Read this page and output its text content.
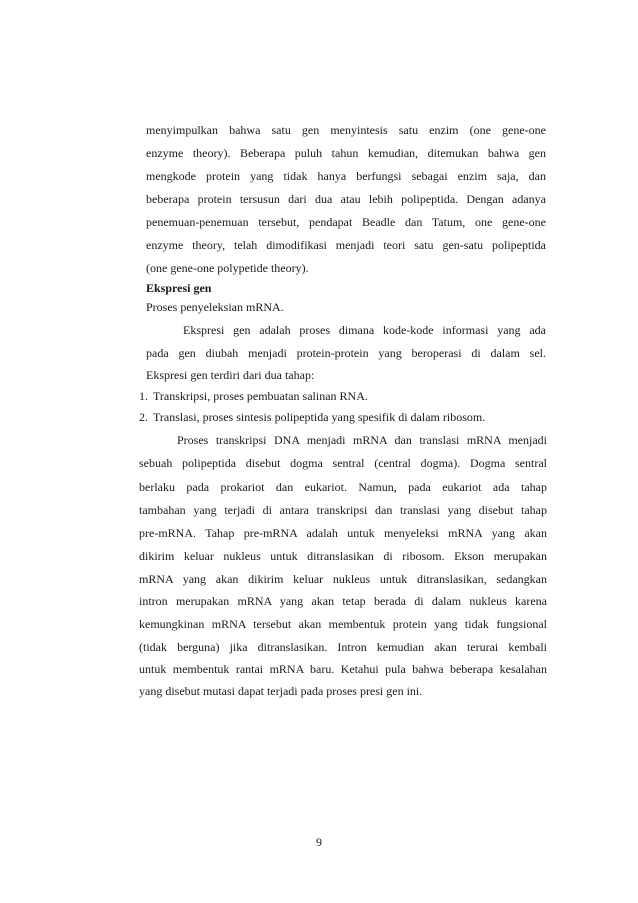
menyimpulkan bahwa satu gen menyintesis satu enzim (one gene-one
enzyme theory). Beberapa puluh tahun kemudian, ditemukan bahwa gen
mengkode protein yang tidak hanya berfungsi sebagai enzim saja, dan
beberapa protein tersusun dari dua atau lebih polipeptida. Dengan adanya
penemuan-penemuan tersebut, pendapat Beadle dan Tatum, one gene-one
enzyme theory, telah dimodifikasi menjadi teori satu gen-satu polipeptida
(one gene-one polypetide theory).
Ekspresi gen
Proses penyeleksian mRNA.
Ekspresi gen adalah proses dimana kode-kode informasi yang ada
pada gen diubah menjadi protein-protein yang beroperasi di dalam sel.
Ekspresi gen terdiri dari dua tahap:
1. Transkripsi, proses pembuatan salinan RNA.
2. Translasi, proses sintesis polipeptida yang spesifik di dalam ribosom.
Proses transkripsi DNA menjadi mRNA dan translasi mRNA menjadi
sebuah polipeptida disebut dogma sentral (central dogma). Dogma sentral
berlaku pada prokariot dan eukariot. Namun, pada eukariot ada tahap
tambahan yang terjadi di antara transkripsi dan translasi yang disebut tahap
pre-mRNA. Tahap pre-mRNA adalah untuk menyeleksi mRNA yang akan
dikirim keluar nukleus untuk ditranslasikan di ribosom. Ekson merupakan
mRNA yang akan dikirim keluar nukleus untuk ditranslasikan, sedangkan
intron merupakan mRNA yang akan tetap berada di dalam nukleus karena
kemungkinan mRNA tersebut akan membentuk protein yang tidak fungsional
(tidak berguna) jika ditranslasikan. Intron kemudian akan terurai kembali
untuk membentuk rantai mRNA baru. Ketahui pula bahwa beberapa kesalahan
yang disebut mutasi dapat terjadi pada proses presi gen ini.
9
